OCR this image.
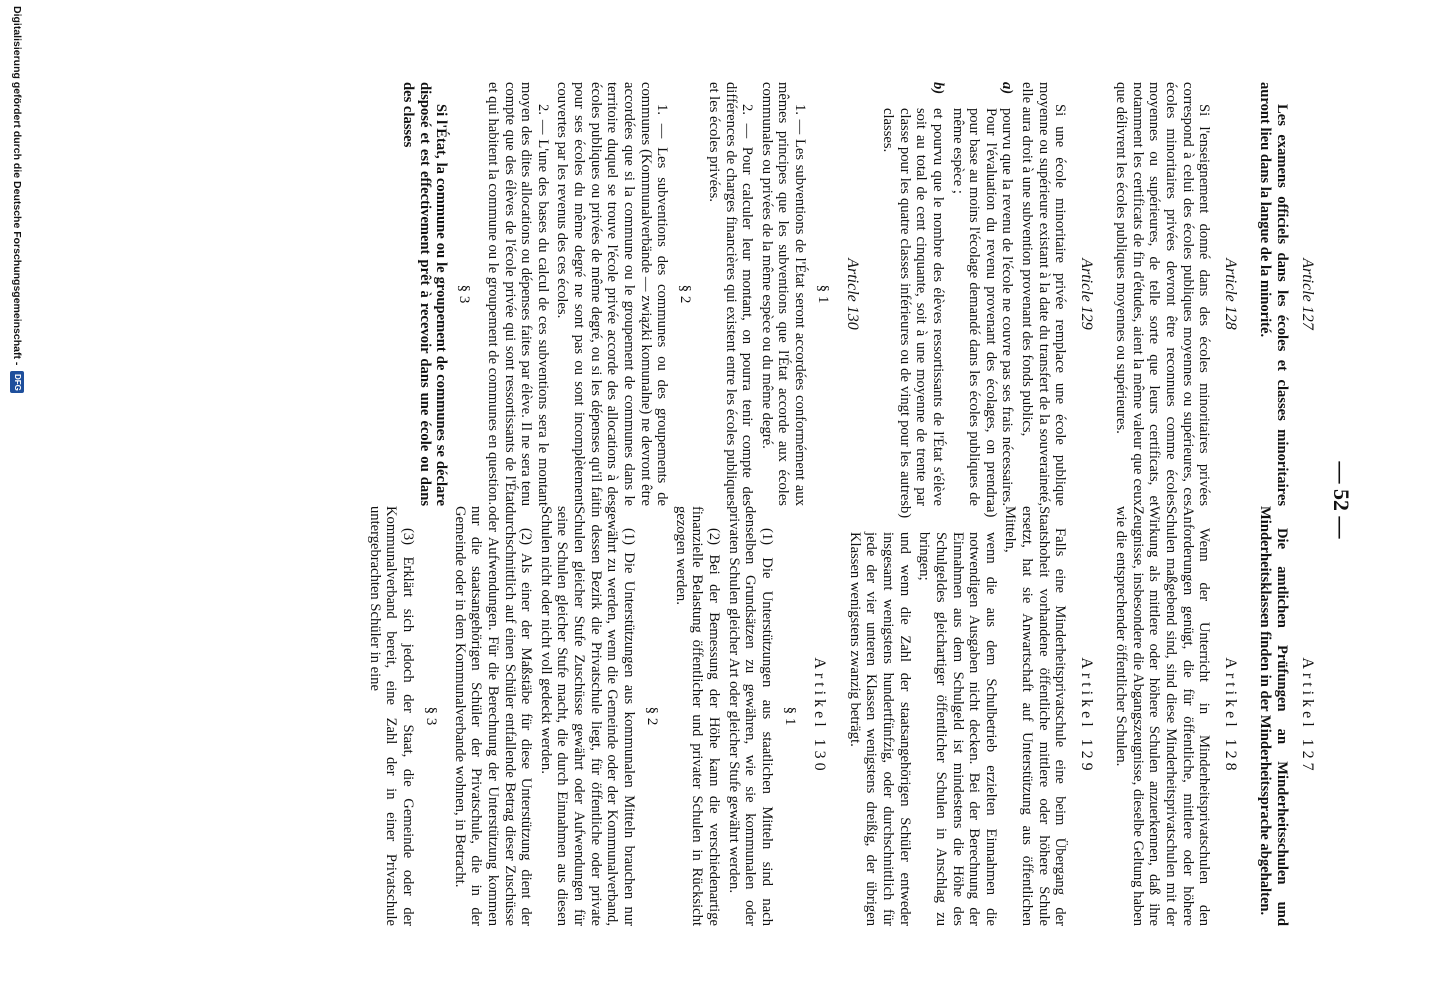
— 52 —
Article 127

Les examens officiels dans les écoles et classes minoritaires auront lieu dans la langue de la minorité.

Article 128

Si l'enseignement donné dans des écoles minoritaires privées correspond à celui des écoles publiques moyennes ou supérieures, ces écoles minoritaires privées devront être reconnues comme écoles moyennes ou supérieures, de telle sorte que leurs certificats, et notamment les certificats de fin d'études, aient la même valeur que ceux que délivrent les écoles publiques moyennes ou supérieures.

Article 129

Si une école minoritaire privée remplace une école publique moyenne ou supérieure existant à la date du transfert de la souveraineté, elle aura droit à une subvention provenant des fonds publics,

a)
pourvu que la revenu de l'école ne couvre pas ses frais nécessaires. Pour l'évaluation du revenu provenant des écolages, on prendra pour base au moins l'écolage demandé dans les écoles publiques de même espèce ;

b)
et pourvu que le nombre des élèves ressortissants de l'État s'élève soit au total de cent cinquante, soit à une moyenne de trente par classe pour les quatre classes inférieures ou de vingt pour les autres classes.

Article 130
§ 1

1. — Les subventions de l'État seront accordées conformément aux mêmes principes que les subventions que l'État accorde aux écoles communales ou privées de la même espèce ou du même degré.

2. — Pour calculer leur montant, on pourra tenir compte des différences de charges financières qui existent entre les écoles publiques et les écoles privées.

§ 2

1. — Les subventions des communes ou des groupements de communes (Kommunalverbände — związki komunalne) ne devront être accordées que si la commune ou le groupement de communes dans le territoire duquel se trouve l'école privée accorde des allocations à des écoles publiques ou privées de même degré, ou si les dépenses qu'il fait pour ses écoles du même degré ne sont pas ou sont incomplètement couvertes par les revenus des ces écoles.

2. — L'une des bases du calcul de ces subventions sera le montant moyen des dites allocations ou dépenses faites par élève. Il ne sera tenu compte que des élèves de l'école privée qui sont ressortissants de l'État et qui habitent la commune ou le groupement de communes en question.

§ 3

Si l'État, la commune ou le groupement de communes se déclare disposé et est effectivement prêt à recevoir dans une école ou dans des classes

Artikel 127

Die amtlichen Prüfungen an Minderheitsschulen und Minderheitsklassen finden in der Minderheitssprache abgehalten.

Artikel 128

Wenn der Unterricht in Minderheitsprivatschulen den Anforderungen genügt, die für öffentliche, mittlere oder höhere Schulen maßgebend sind, sind diese Minderheitsprivatschulen mit der Wirkung als mittlere oder höhere Schulen anzuerkennen, daß ihre Zeugnisse, insbesondere die Abgangszeugnisse, dieselbe Geltung haben wie die entsprechender öffentlicher Schulen.

Artikel 129

Falls eine Minderheitsprivatschule eine beim Übergang der Staatshoheit vorhandene öffentliche mittlere oder höhere Schule ersetzt, hat sie Anwartschaft auf Unterstützung aus öffentlichen Mitteln,

a)
wenn die aus dem Schulbetrieb erzielten Einnahmen die notwendigen Ausgaben nicht decken. Bei der Berechnung der Einnahmen aus dem Schulgeld ist mindestens die Höhe des Schulgeldes gleichartiger öffentlicher Schulen in Anschlag zu bringen;

b)
und wenn die Zahl der staatsangehörigen Schüler entweder insgesamt wenigstens hundertfünfzig, oder durchschnittlich für jede der vier unteren Klassen wenigstens dreißig, der übrigen Klassen wenigstens zwanzig beträgt.

Artikel 130
§ 1

(1) Die Unterstützungen aus staatlichen Mitteln sind nach denselben Grundsätzen zu gewähren, wie sie kommunalen oder privaten Schulen gleicher Art oder gleicher Stufe gewährt werden.

(2) Bei der Bemessung der Höhe kann die verschiedenartige finanzielle Belastung öffentlicher und privater Schulen in Rücksicht gezogen werden.

§ 2

(1) Die Unterstützungen aus kommunalen Mitteln brauchen nur gewährt zu werden, wenn die Gemeinde oder der Kommunalverband, in dessen Bezirk die Privatschule liegt, für öffentliche oder private Schulen gleicher Stufe Zuschüsse gewährt oder Aufwendungen für seine Schulen gleicher Stufe macht, die durch Einnahmen aus diesen Schulen nicht oder nicht voll gedeckt werden.

(2) Als einer der Maßstäbe für diese Unterstützung dient der durchschnittlich auf einen Schüler entfallende Betrag dieser Zuschüsse oder Aufwendungen. Für die Berechnung der Unterstützung kommen nur die staatsangehörigen Schüler der Privatschule, die in der Gemeinde oder in dem Kommunalverbande wohnen, in Betracht.

§ 3

(3) Erklärt sich jedoch der Staat, die Gemeinde oder der Kommunalverband bereit, eine Zahl der in einer Privatschule untergebrachten Schüler in eine

Digitalisierung gefördert durch die Deutsche Forschungsgemeinschaft -
DFG
